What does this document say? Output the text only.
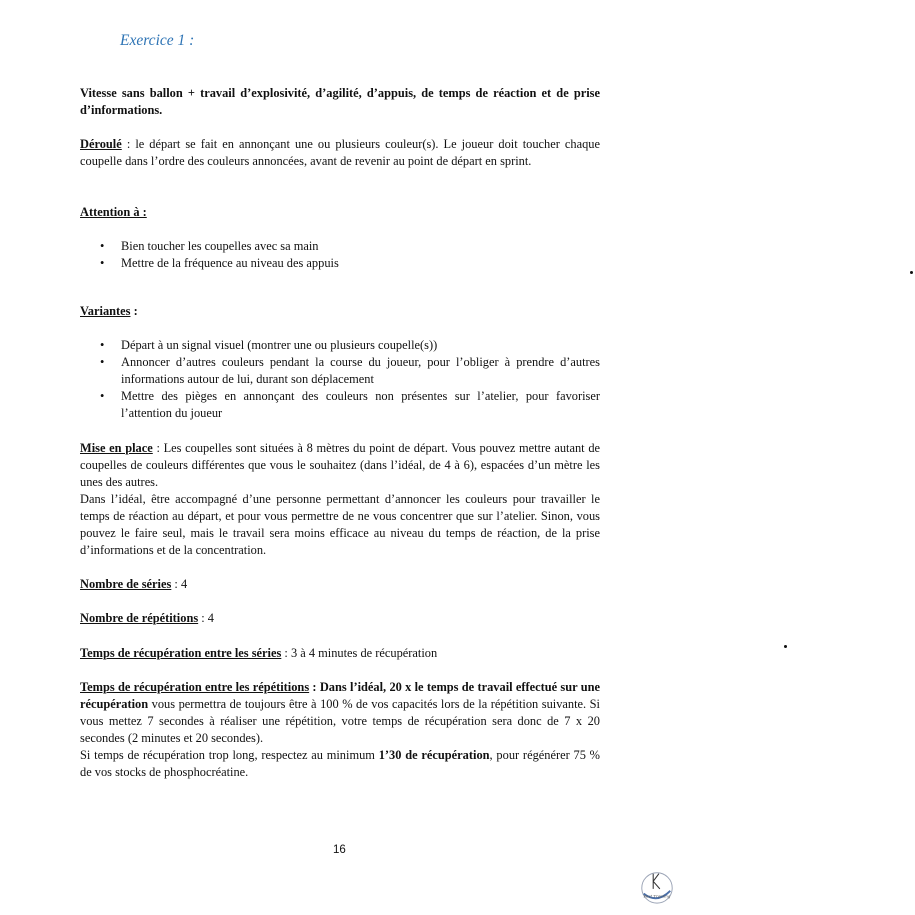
Exercice 1 :
Vitesse sans ballon + travail d’explosivité, d’agilité, d’appuis, de temps de réaction et de prise d’informations.
Déroulé : le départ se fait en annonçant une ou plusieurs couleur(s). Le joueur doit toucher chaque coupelle dans l’ordre des couleurs annoncées, avant de revenir au point de départ en sprint.
Attention à :
• Bien toucher les coupelles avec sa main
• Mettre de la fréquence au niveau des appuis
Variantes :
• Départ à un signal visuel (montrer une ou plusieurs coupelle(s))
• Annoncer d’autres couleurs pendant la course du joueur, pour l’obliger à prendre d’autres informations autour de lui, durant son déplacement
• Mettre des pièges en annonçant des couleurs non présentes sur l’atelier, pour favoriser l’attention du joueur
Mise en place : Les coupelles sont situées à 8 mètres du point de départ. Vous pouvez mettre autant de coupelles de couleurs différentes que vous le souhaitez (dans l’idéal, de 4 à 6), espacées d’un mètre les unes des autres.
Dans l’idéal, être accompagné d’une personne permettant d’annoncer les couleurs pour travailler le temps de réaction au départ, et pour vous permettre de ne vous concentrer que sur l’atelier. Sinon, vous pouvez le faire seul, mais le travail sera moins efficace au niveau du temps de réaction, de la prise d’informations et de la concentration.
Nombre de séries : 4
Nombre de répétitions : 4
Temps de récupération entre les séries : 3 à 4 minutes de récupération
Temps de récupération entre les répétitions : Dans l’idéal, 20 x le temps de travail effectué sur une récupération vous permettra de toujours être à 100 % de vos capacités lors de la répétition suivante. Si vous mettez 7 secondes à réaliser une répétition, votre temps de récupération sera donc de 7 x 20 secondes (2 minutes et 20 secondes).
Si temps de récupération trop long, respectez au minimum 1’30 de récupération, pour régénérer 75 % de vos stocks de phosphocréatine.
16
Fast Training
